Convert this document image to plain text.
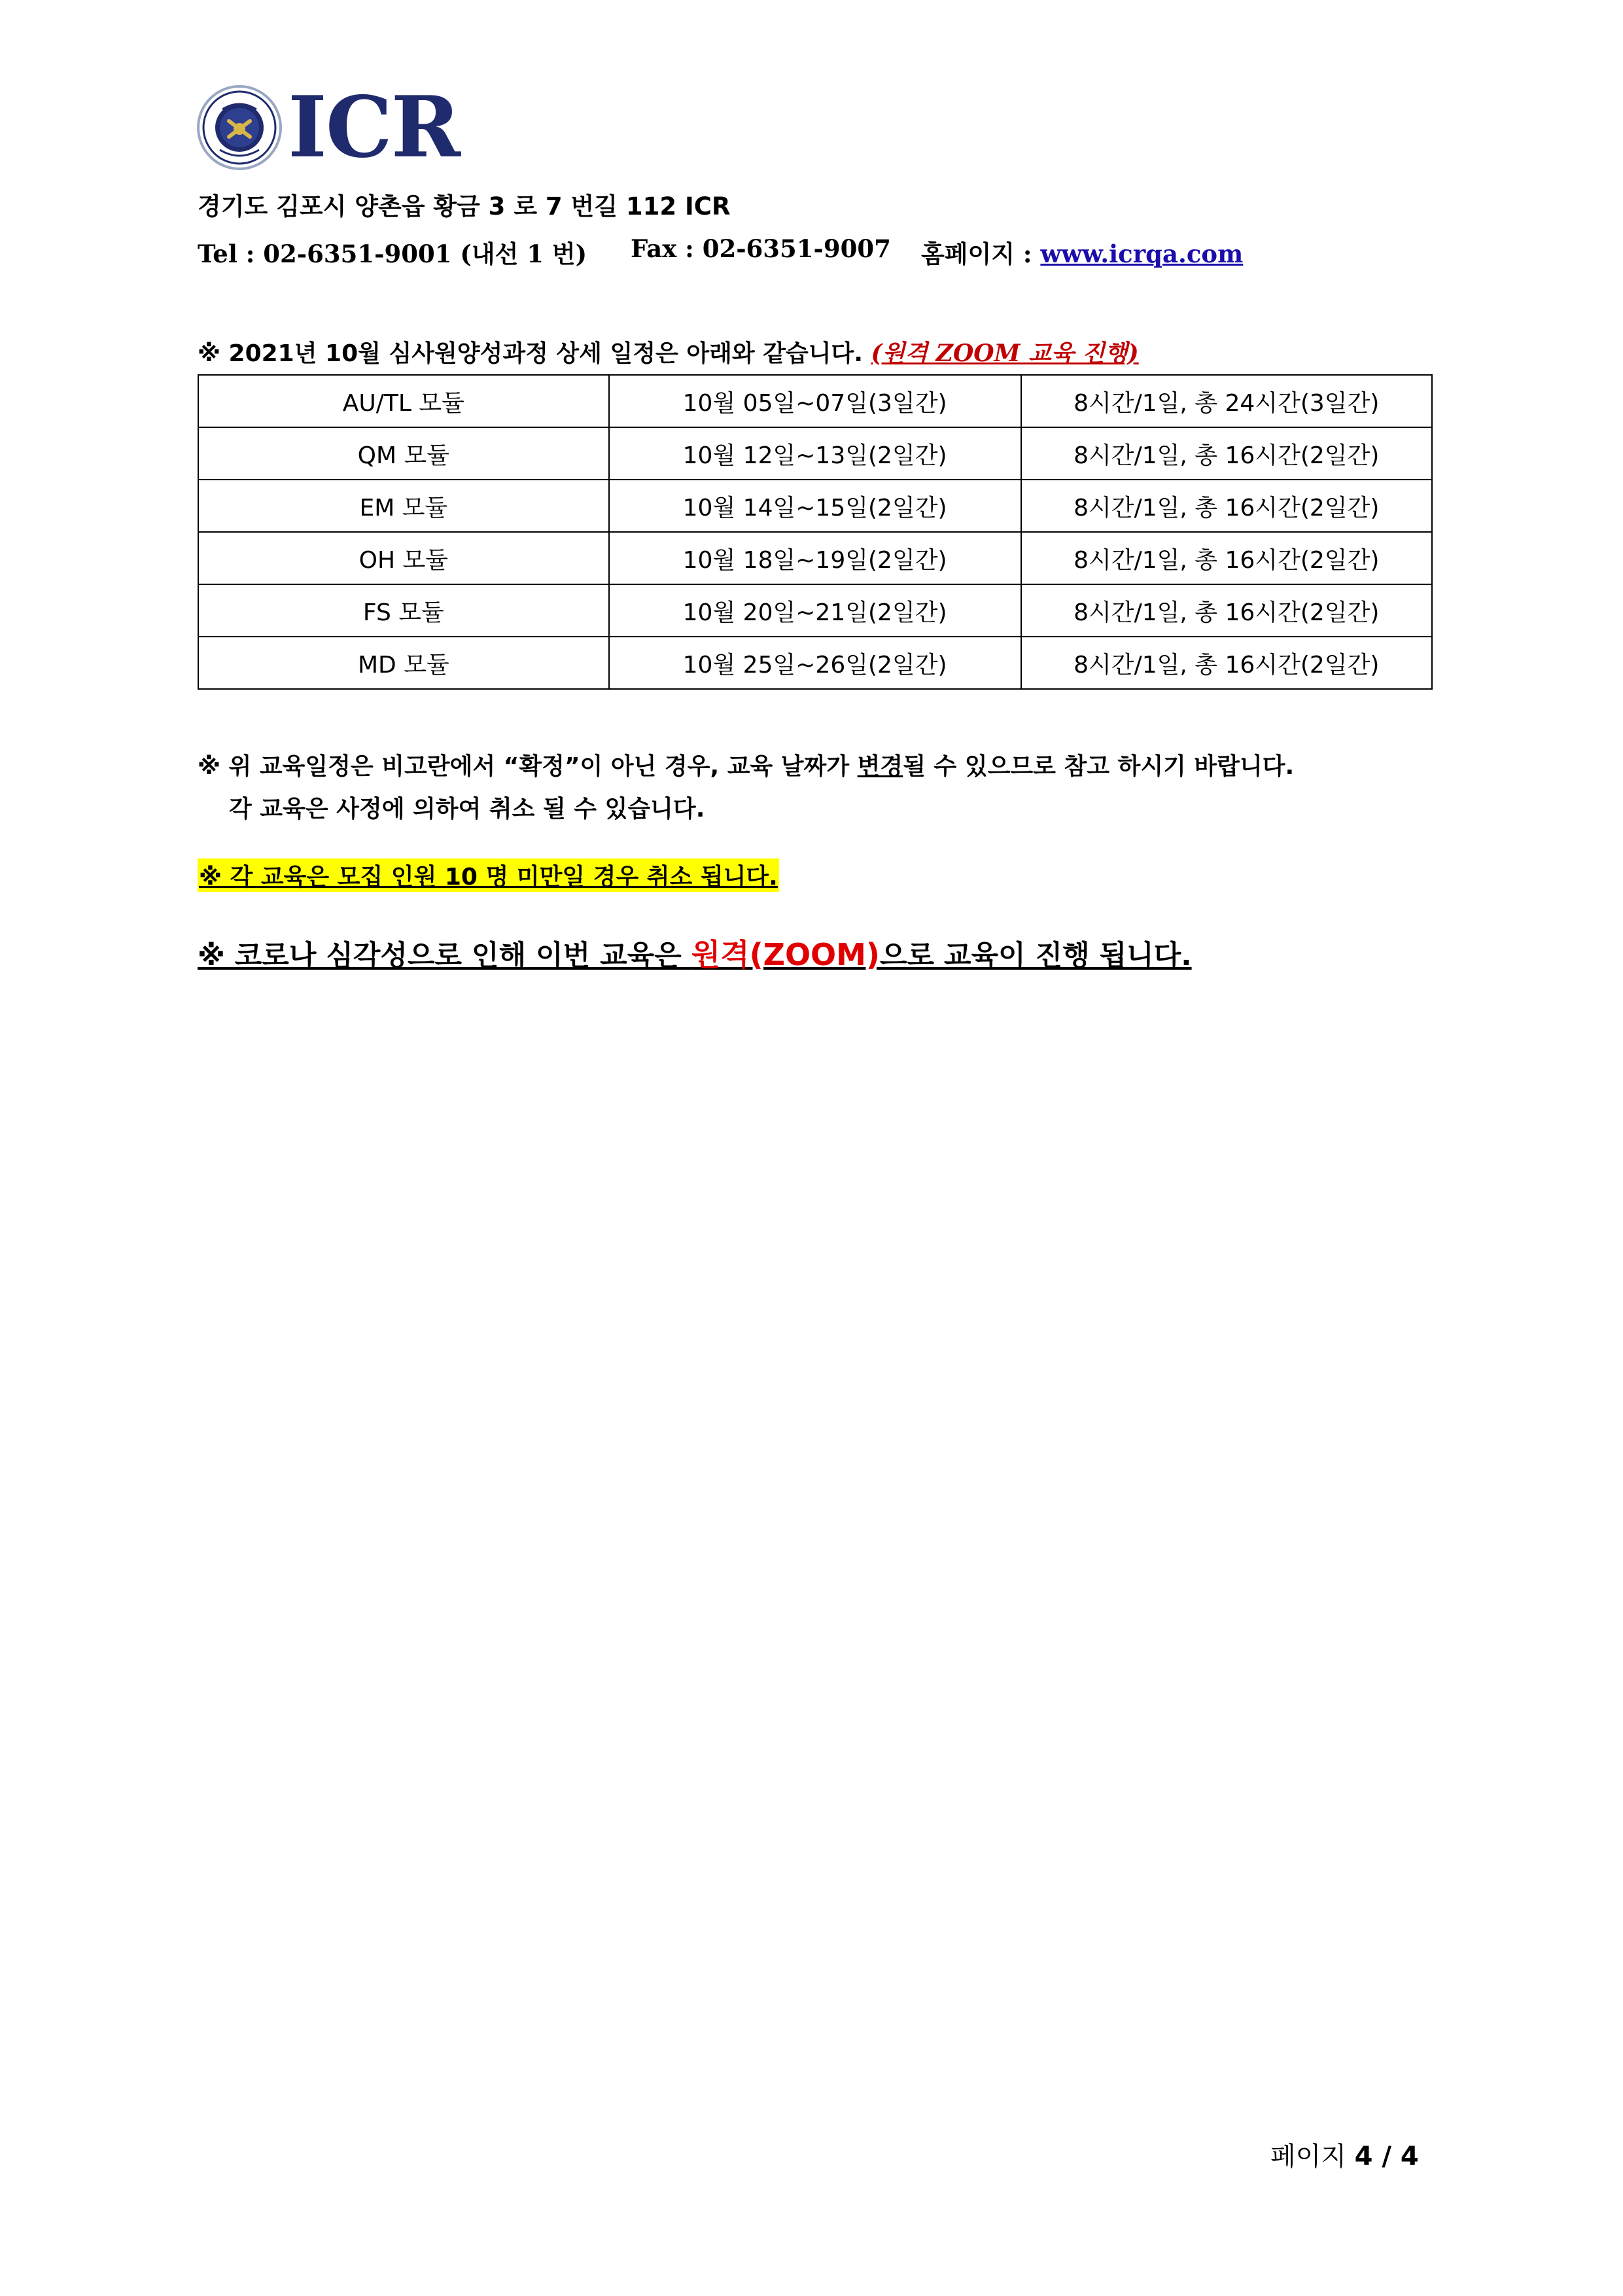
ICR
경기도 김포시 양촌읍 황금 3 로 7 번길 112 ICR
Tel : 02-6351-9001 (내선 1 번) Fax : 02-6351-9007 홈페이지 : www.icrqa.com
※ 2021년 10월 심사원양성과정 상세 일정은 아래와 같습니다. (원격 ZOOM 교육 진행)
AU/TL 모듈	10월 05일~07일(3일간)	8시간/1일, 총 24시간(3일간)
QM 모듈	10월 12일~13일(2일간)	8시간/1일, 총 16시간(2일간)
EM 모듈	10월 14일~15일(2일간)	8시간/1일, 총 16시간(2일간)
OH 모듈	10월 18일~19일(2일간)	8시간/1일, 총 16시간(2일간)
FS 모듈	10월 20일~21일(2일간)	8시간/1일, 총 16시간(2일간)
MD 모듈	10월 25일~26일(2일간)	8시간/1일, 총 16시간(2일간)
※ 위 교육일정은 비고란에서 “확정”이 아닌 경우, 교육 날짜가 변경될 수 있으므로 참고 하시기 바랍니다.
각 교육은 사정에 의하여 취소 될 수 있습니다.
※ 각 교육은 모집 인원 10 명 미만일 경우 취소 됩니다.
※ 코로나 심각성으로 인해 이번 교육은 원격(ZOOM)으로 교육이 진행 됩니다.
페이지 4 / 4
